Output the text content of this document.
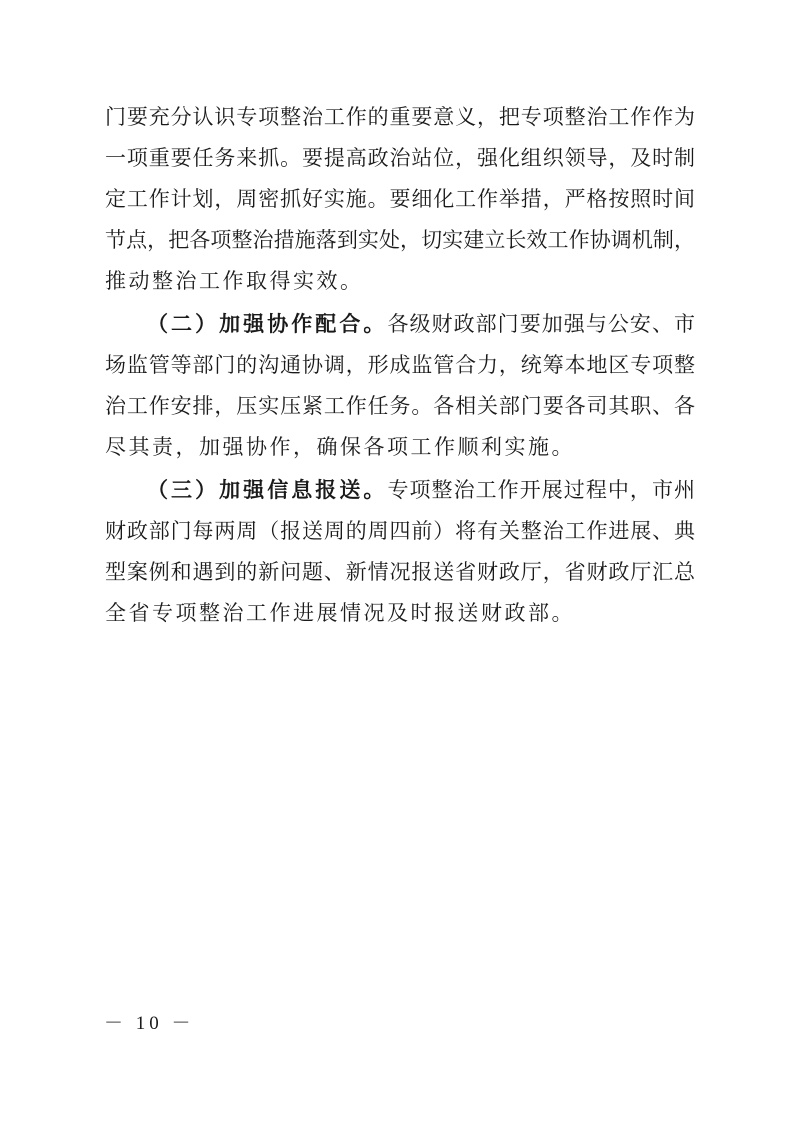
门要充分认识专项整治工作的重要意义，把专项整治工作作为
一项重要任务来抓。要提高政治站位，强化组织领导，及时制
定工作计划，周密抓好实施。要细化工作举措，严格按照时间
节点，把各项整治措施落到实处，切实建立长效工作协调机制，
推动整治工作取得实效。
（二）加强协作配合。各级财政部门要加强与公安、市
场监管等部门的沟通协调，形成监管合力，统筹本地区专项整
治工作安排，压实压紧工作任务。各相关部门要各司其职、各
尽其责，加强协作，确保各项工作顺利实施。
（三）加强信息报送。专项整治工作开展过程中，市州
财政部门每两周（报送周的周四前）将有关整治工作进展、典
型案例和遇到的新问题、新情况报送省财政厅，省财政厅汇总
全省专项整治工作进展情况及时报送财政部。
－ 10 －
